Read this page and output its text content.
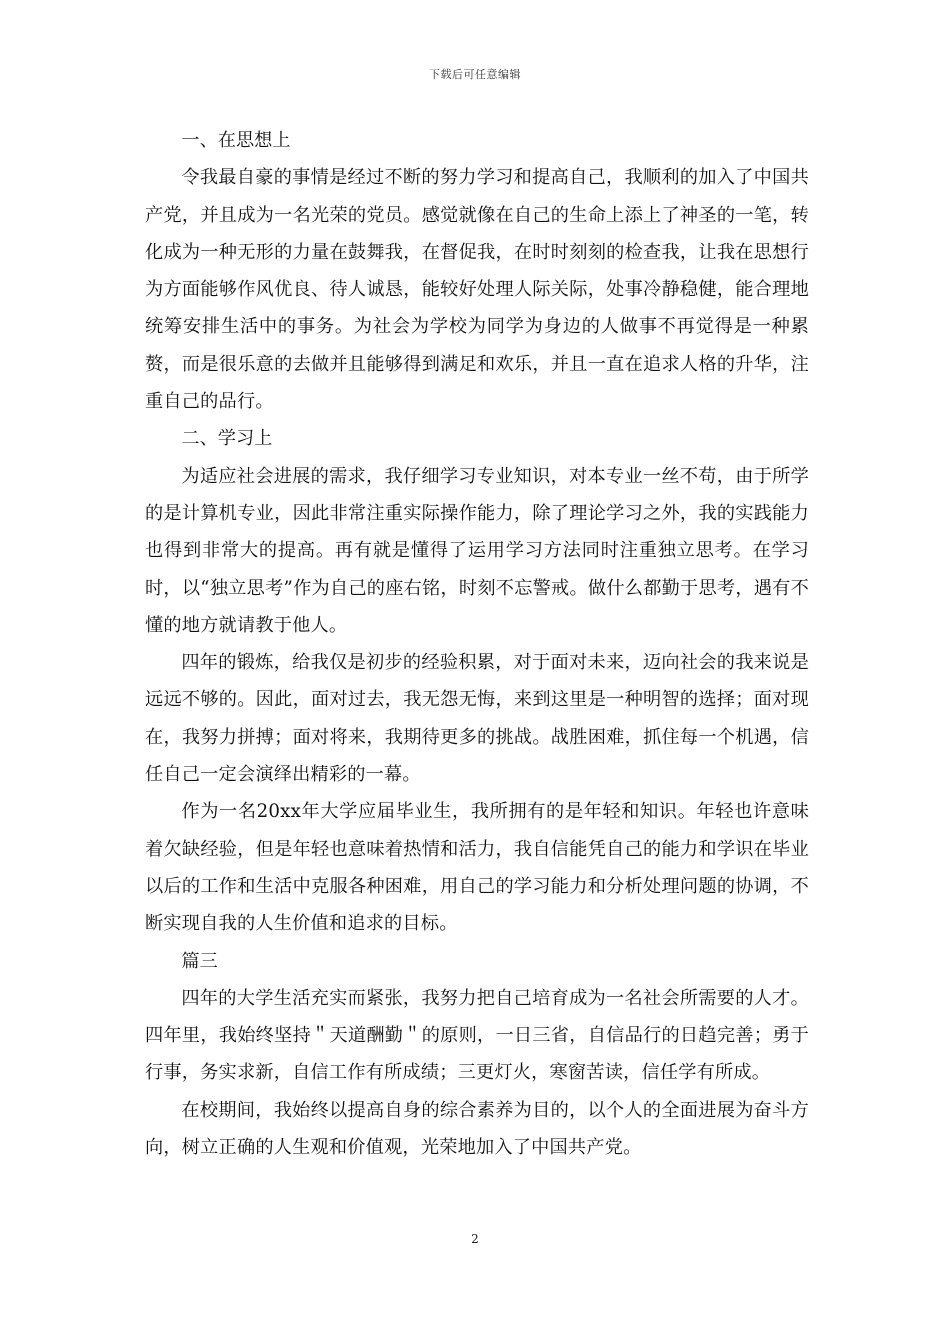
下载后可任意编辑

一、在思想上

令我最自豪的事情是经过不断的努力学习和提高自己，我顺利的加入了中国共产党，并且成为一名光荣的党员。感觉就像在自己的生命上添上了神圣的一笔，转化成为一种无形的力量在鼓舞我，在督促我，在时时刻刻的检查我，让我在思想行为方面能够作风优良、待人诚恳，能较好处理人际关际，处事冷静稳健，能合理地统筹安排生活中的事务。为社会为学校为同学为身边的人做事不再觉得是一种累赘，而是很乐意的去做并且能够得到满足和欢乐，并且一直在追求人格的升华，注重自己的品行。

二、学习上

为适应社会进展的需求，我仔细学习专业知识，对本专业一丝不苟，由于所学的是计算机专业，因此非常注重实际操作能力，除了理论学习之外，我的实践能力也得到非常大的提高。再有就是懂得了运用学习方法同时注重独立思考。在学习时，以“独立思考”作为自己的座右铭，时刻不忘警戒。做什么都勤于思考，遇有不懂的地方就请教于他人。

四年的锻炼，给我仅是初步的经验积累，对于面对未来，迈向社会的我来说是远远不够的。因此，面对过去，我无怨无悔，来到这里是一种明智的选择；面对现在，我努力拼搏；面对将来，我期待更多的挑战。战胜困难，抓住每一个机遇，信任自己一定会演绎出精彩的一幕。

作为一名20xx年大学应届毕业生，我所拥有的是年轻和知识。年轻也许意味着欠缺经验，但是年轻也意味着热情和活力，我自信能凭自己的能力和学识在毕业以后的工作和生活中克服各种困难，用自己的学习能力和分析处理问题的协调，不断实现自我的人生价值和追求的目标。

篇三

四年的大学生活充实而紧张，我努力把自己培育成为一名社会所需要的人才。四年里，我始终坚持＂天道酬勤＂的原则，一日三省，自信品行的日趋完善；勇于行事，务实求新，自信工作有所成绩；三更灯火，寒窗苦读，信任学有所成。

在校期间，我始终以提高自身的综合素养为目的，以个人的全面进展为奋斗方向，树立正确的人生观和价值观，光荣地加入了中国共产党。

2
